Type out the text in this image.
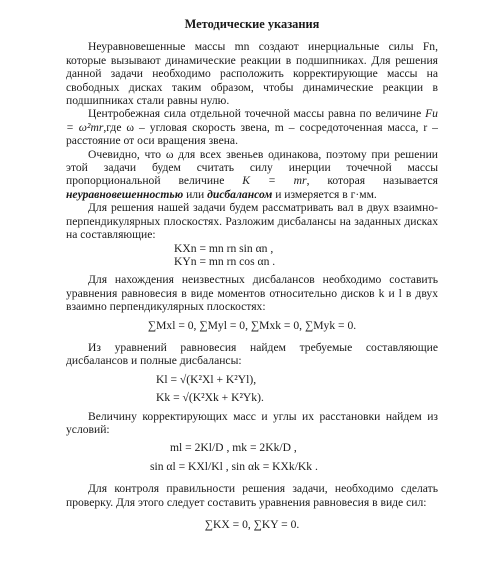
Методические указания

Неуравновешенные массы mn создают инерциальные силы Fn, которые вызывают динамические реакции в подшипниках. Для решения данной задачи необходимо расположить корректирующие массы на свободных дисках таким образом, чтобы динамические реакции в подшипниках стали равны нулю.

Центробежная сила отдельной точечной массы равна по величине Fи = ω²mr,где ω – угловая скорость звена, m – сосредоточенная масса, r – расстояние от оси вращения звена.

Очевидно, что ω для всех звеньев одинакова, поэтому при решении этой задачи будем считать силу инерции точечной массы пропорциональной величине K = mr, которая называется неуравновешенностью или дисбалансом и измеряется в г·мм.

Для решения нашей задачи будем рассматривать вал в двух взаимно-перпендикулярных плоскостях. Разложим дисбалансы на заданных дисках на составляющие:

KXn = mn rn sin αn ,
KYn = mn rn cos αn .

Для нахождения неизвестных дисбалансов необходимо составить уравнения равновесия в виде моментов относительно дисков k и l в двух взаимно перпендикулярных плоскостях:

∑Mxl = 0, ∑Myl = 0, ∑Mxk = 0, ∑Myk = 0.

Из уравнений равновесия найдем требуемые составляющие дисбалансов и полные дисбалансы:

Kl = √(K²Xl + K²Yl),
Kk = √(K²Xk + K²Yk).

Величину корректирующих масс и углы их расстановки найдем из условий:

ml = 2Kl/D , mk = 2Kk/D ,
sin αl = KXl/Kl , sin αk = KXk/Kk .

Для контроля правильности решения задачи, необходимо сделать проверку. Для этого следует составить уравнения равновесия в виде сил:

∑KX = 0, ∑KY = 0.
